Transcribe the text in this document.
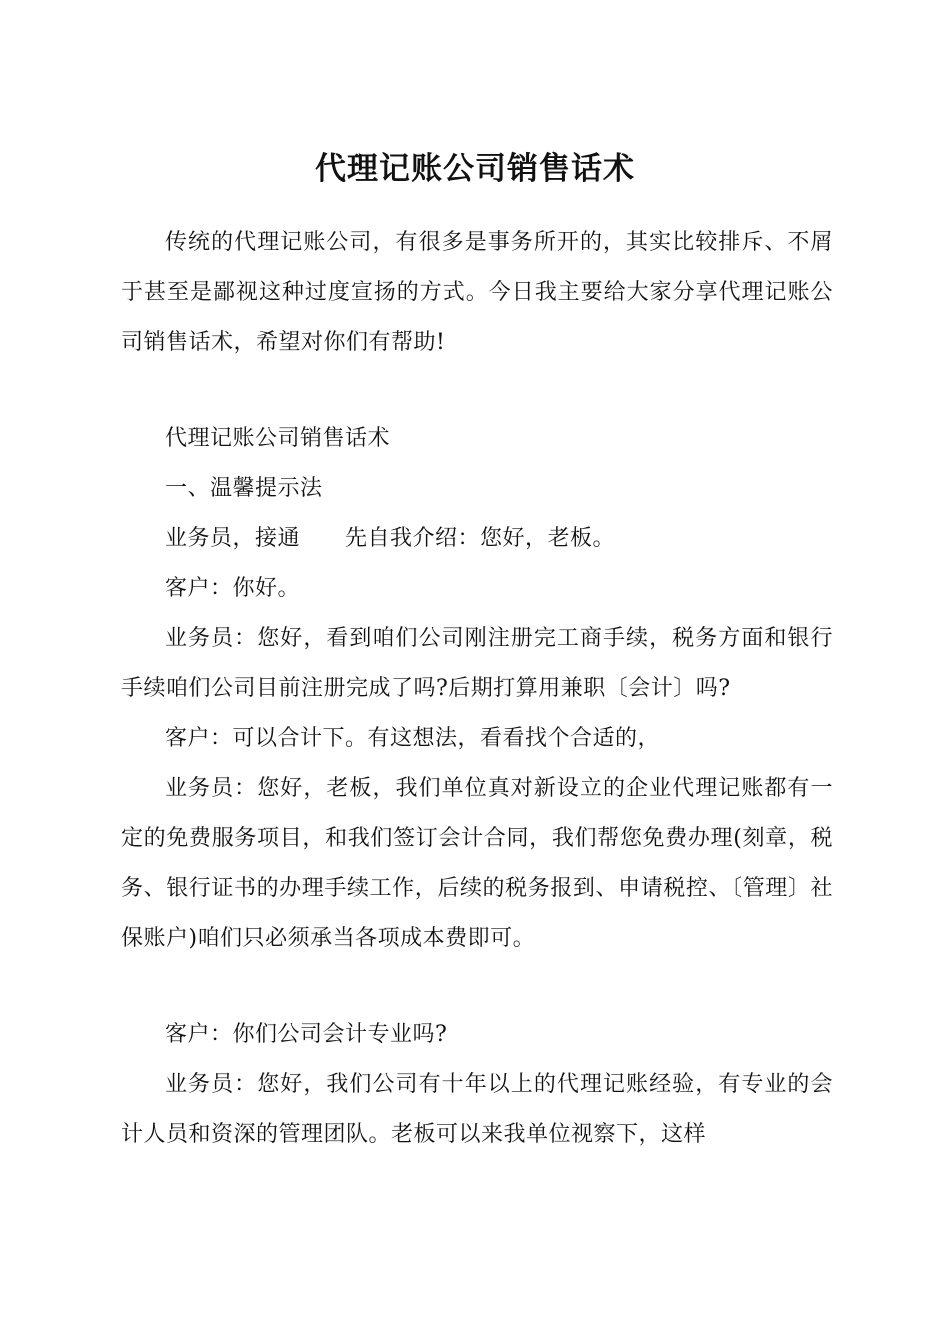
代理记账公司销售话术

传统的代理记账公司，有很多是事务所开的，其实比较排斥、不屑于甚至是鄙视这种过度宣扬的方式。今日我主要给大家分享代理记账公司销售话术，希望对你们有帮助!

代理记账公司销售话术

一、温馨提示法

业务员，接通　　先自我介绍：您好，老板。

客户：你好。

业务员：您好，看到咱们公司刚注册完工商手续，税务方面和银行手续咱们公司目前注册完成了吗?后期打算用兼职〔会计〕吗?

客户：可以合计下。有这想法，看看找个合适的，

业务员：您好，老板，我们单位真对新设立的企业代理记账都有一定的免费服务项目，和我们签订会计合同，我们帮您免费办理(刻章，税务、银行证书的办理手续工作，后续的税务报到、申请税控、〔管理〕社保账户)咱们只必须承当各项成本费即可。

客户：你们公司会计专业吗?

业务员：您好，我们公司有十年以上的代理记账经验，有专业的会计人员和资深的管理团队。老板可以来我单位视察下，这样
